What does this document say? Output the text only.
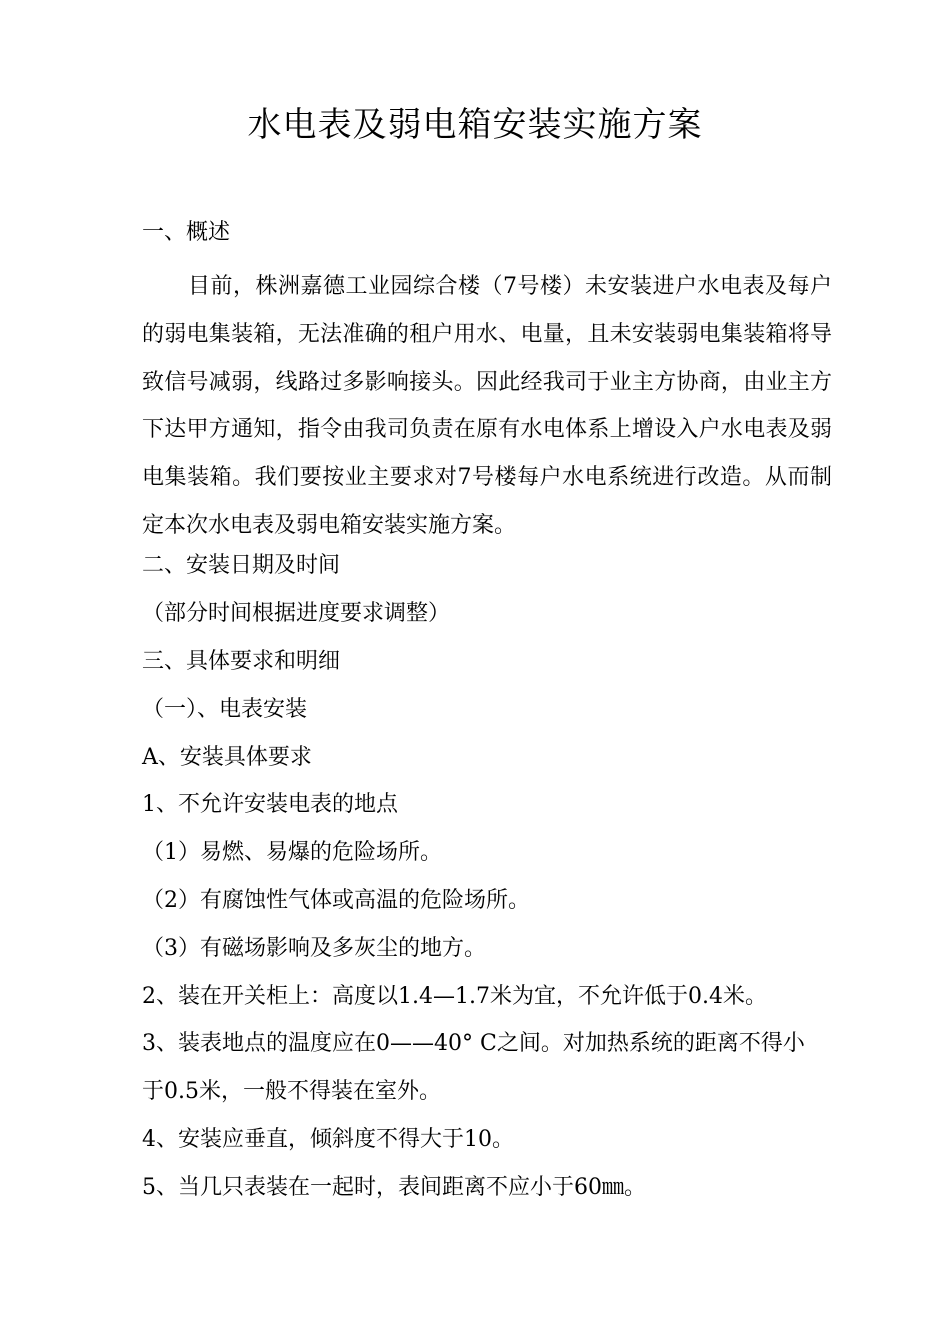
水电表及弱电箱安装实施方案

一、概述

目前，株洲嘉德工业园综合楼（7号楼）未安装进户水电表及每户的弱电集装箱，无法准确的租户用水、电量，且未安装弱电集装箱将导致信号减弱，线路过多影响接头。因此经我司于业主方协商，由业主方下达甲方通知，指令由我司负责在原有水电体系上增设入户水电表及弱电集装箱。我们要按业主要求对7号楼每户水电系统进行改造。从而制定本次水电表及弱电箱安装实施方案。

二、安装日期及时间

（部分时间根据进度要求调整）

三、具体要求和明细

（一）、电表安装

A、安装具体要求

1、不允许安装电表的地点

（1）易燃、易爆的危险场所。

（2）有腐蚀性气体或高温的危险场所。

（3）有磁场影响及多灰尘的地方。

2、装在开关柜上：高度以1.4—1.7米为宜，不允许低于0.4米。

3、装表地点的温度应在0——40° C之间。对加热系统的距离不得小

于0.5米，一般不得装在室外。

4、安装应垂直，倾斜度不得大于10。

5、当几只表装在一起时，表间距离不应小于60㎜。
